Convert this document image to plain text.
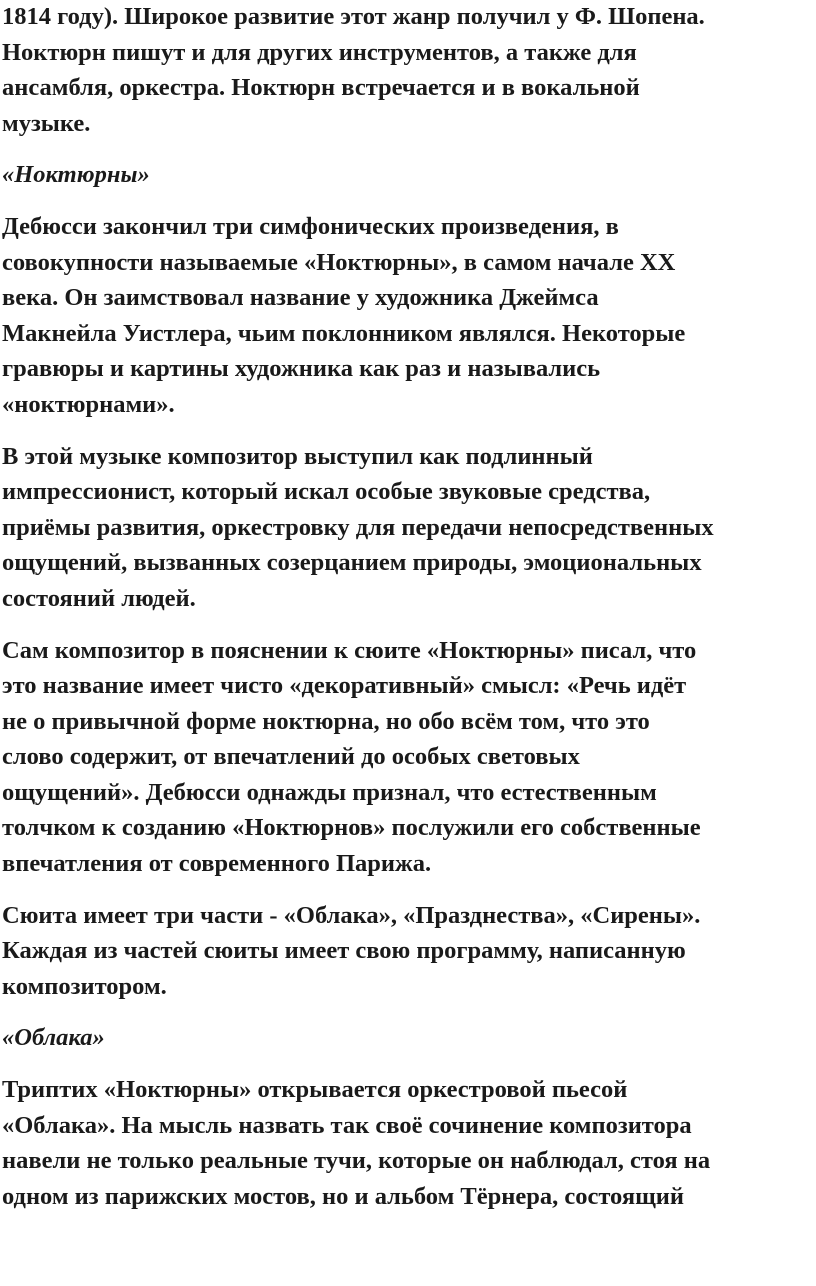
1814 году). Широкое развитие этот жанр получил у Ф. Шопена.
Ноктюрн пишут и для других инструментов, а также для
ансамбля, оркестра. Ноктюрн встречается и в вокальной
музыке.
«Ноктюрны»
Дебюсси закончил три симфонических произведения, в
совокупности называемые «Ноктюрны», в самом начале XX
века. Он заимствовал название у художника Джеймса
Макнейла Уистлера, чьим поклонником являлся. Некоторые
гравюры и картины художника как раз и назывались
«ноктюрнами».
В этой музыке композитор выступил как подлинный
импрессионист, который искал особые звуковые средства,
приёмы развития, оркестровку для передачи непосредственных
ощущений, вызванных созерцанием природы, эмоциональных
состояний людей.
Сам композитор в пояснении к сюите «Ноктюрны» писал, что
это название имеет чисто «декоративный» смысл: «Речь идёт
не о привычной форме ноктюрна, но обо всём том, что это
слово содержит, от впечатлений до особых световых
ощущений». Дебюсси однажды признал, что естественным
толчком к созданию «Ноктюрнов» послужили его собственные
впечатления от современного Парижа.
Сюита имеет три части - «Облака», «Празднества», «Сирены».
Каждая из частей сюиты имеет свою программу, написанную
композитором.
«Облака»
Триптих «Ноктюрны» открывается оркестровой пьесой
«Облака». На мысль назвать так своё сочинение композитора
навели не только реальные тучи, которые он наблюдал, стоя на
одном из парижских мостов, но и альбом Тёрнера, состоящий
